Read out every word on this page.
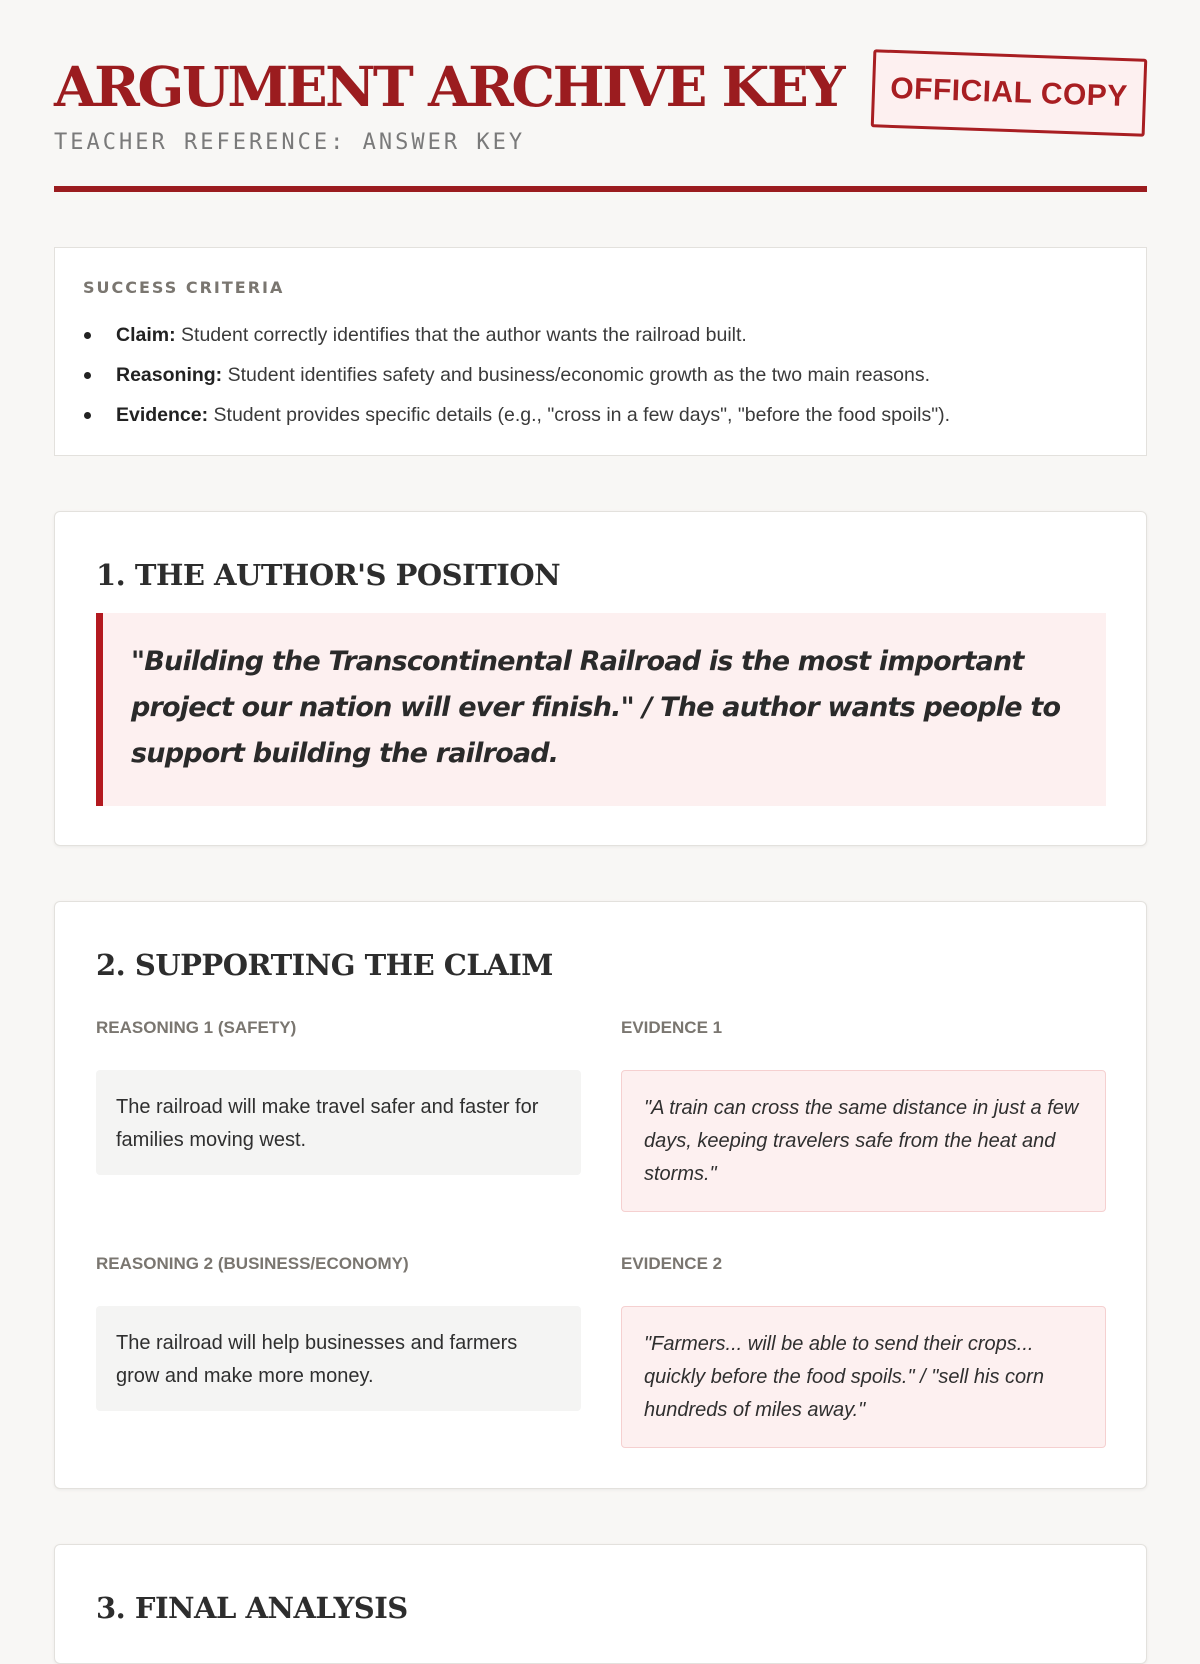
ARGUMENT ARCHIVE KEY
TEACHER REFERENCE: ANSWER KEY
OFFICIAL COPY
SUCCESS CRITERIA
Claim: Student correctly identifies that the author wants the railroad built.
Reasoning: Student identifies safety and business/economic growth as the two main reasons.
Evidence: Student provides specific details (e.g., "cross in a few days", "before the food spoils").
1. THE AUTHOR'S POSITION
"Building the Transcontinental Railroad is the most important project our nation will ever finish." / The author wants people to support building the railroad.
2. SUPPORTING THE CLAIM
REASONING 1 (SAFETY)	EVIDENCE 1
The railroad will make travel safer and faster for families moving west.
"A train can cross the same distance in just a few days, keeping travelers safe from the heat and storms."
REASONING 2 (BUSINESS/ECONOMY)	EVIDENCE 2
The railroad will help businesses and farmers grow and make more money.
"Farmers... will be able to send their crops... quickly before the food spoils." / "sell his corn hundreds of miles away."
3. FINAL ANALYSIS
